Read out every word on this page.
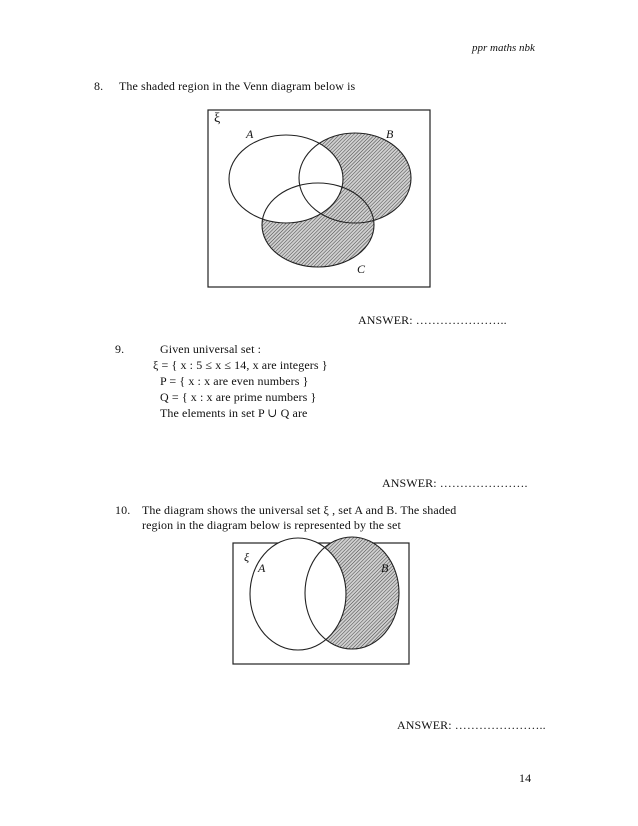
ppr maths nbk
8. The shaded region in the Venn diagram below is
ξ
A	B
C
ANSWER: …………………..
9.	Given universal set :
ξ = { x : 5 ≤ x ≤ 14, x are integers }
P = { x : x are even numbers }
Q = { x : x are prime numbers }
The elements in set P ∪ Q are
ANSWER: ………………….
10. The diagram shows the universal set ξ , set A and B. The shaded
region in the diagram below is represented by the set
ξ
A	B
ANSWER: …………………..
14
